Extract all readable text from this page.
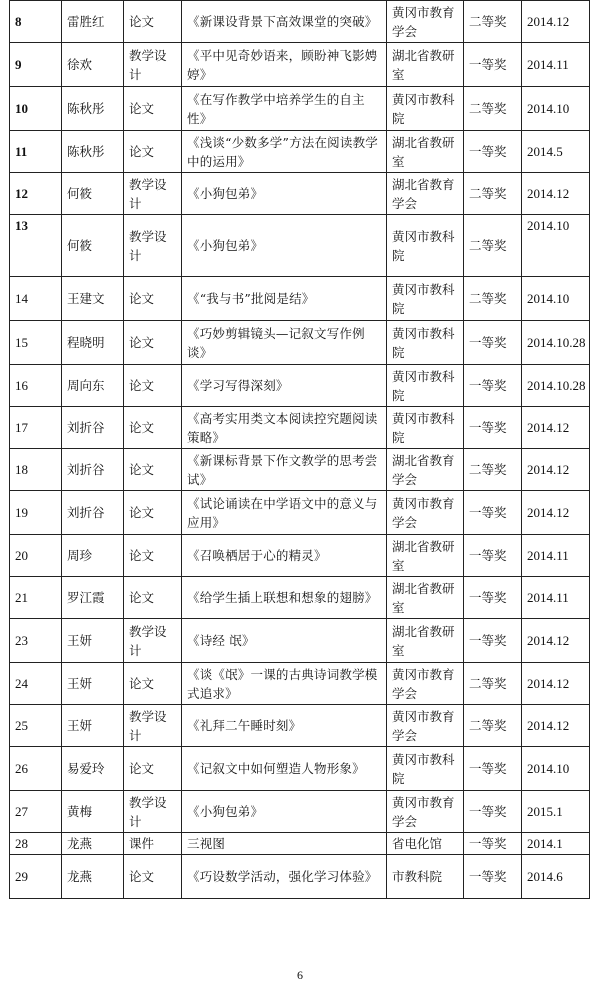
8	雷胜红	论文	《新课设背景下高效课堂的突破》	黄冈市教育学会	二等奖	2014.12
9	徐欢	教学设计	《平中见奇妙语来，顾盼神飞影娉婷》	湖北省教研室	一等奖	2014.11
10	陈秋彤	论文	《在写作教学中培养学生的自主性》	黄冈市教科院	二等奖	2014.10
11	陈秋彤	论文	《浅谈“少数多学”方法在阅读教学中的运用》	湖北省教研室	一等奖	2014.5
12	何筱	教学设计	《小狗包弟》	湖北省教育学会	二等奖	2014.12
13	何筱	教学设计	《小狗包弟》	黄冈市教科院	二等奖	2014.10
14	王建文	论文	《“我与书”批阅是结》	黄冈市教科院	二等奖	2014.10
15	程晓明	论文	《巧妙剪辑镜头—记叙文写作例谈》	黄冈市教科院	一等奖	2014.10.28
16	周向东	论文	《学习写得深刻》	黄冈市教科院	一等奖	2014.10.28
17	刘折谷	论文	《高考实用类文本阅读控究题阅读策略》	黄冈市教科院	一等奖	2014.12
18	刘折谷	论文	《新课标背景下作文教学的思考尝试》	湖北省教育学会	二等奖	2014.12
19	刘折谷	论文	《试论诵读在中学语文中的意义与应用》	黄冈市教育学会	一等奖	2014.12
20	周珍	论文	《召唤栖居于心的精灵》	湖北省教研室	一等奖	2014.11
21	罗江霞	论文	《给学生插上联想和想象的翅膀》	湖北省教研室	一等奖	2014.11
23	王妍	教学设计	《诗经 氓》	湖北省教研室	一等奖	2014.12
24	王妍	论文	《谈《氓》一课的古典诗词教学模式追求》	黄冈市教育学会	二等奖	2014.12
25	王妍	教学设计	《礼拜二午睡时刻》	黄冈市教育学会	二等奖	2014.12
26	易爱玲	论文	《记叙文中如何塑造人物形象》	黄冈市教科院	一等奖	2014.10
27	黄梅	教学设计	《小狗包弟》	黄冈市教育学会	一等奖	2015.1
28	龙燕	课件	三视图	省电化馆	一等奖	2014.1
29	龙燕	论文	《巧设数学活动，强化学习体验》	市教科院	一等奖	2014.6
6
